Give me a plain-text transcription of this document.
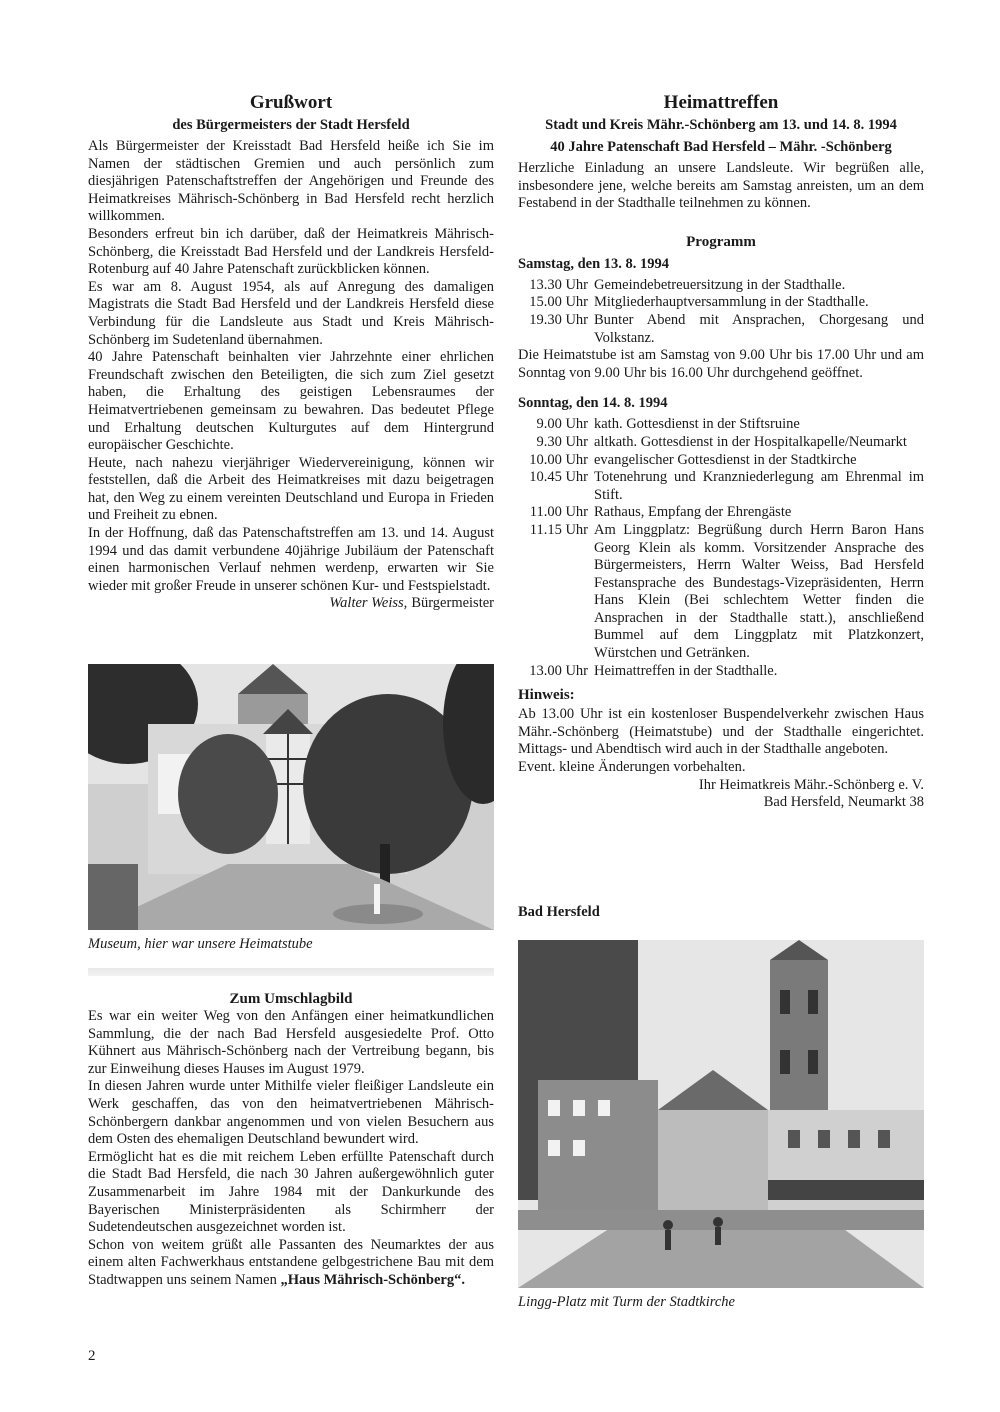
Grußwort
des Bürgermeisters der Stadt Hersfeld

Als Bürgermeister der Kreisstadt Bad Hersfeld heiße ich Sie im Namen der städtischen Gremien und auch persönlich zum diesjährigen Patenschaftstreffen der Angehörigen und Freunde des Heimatkreises Mährisch-Schönberg in Bad Hersfeld recht herzlich willkommen.

Besonders erfreut bin ich darüber, daß der Heimatkreis Mährisch-Schönberg, die Kreisstadt Bad Hersfeld und der Landkreis Hersfeld-Rotenburg auf 40 Jahre Patenschaft zurückblicken können.

Es war am 8. August 1954, als auf Anregung des damaligen Magistrats die Stadt Bad Hersfeld und der Landkreis Hersfeld diese Verbindung für die Landsleute aus Stadt und Kreis Mährisch-Schönberg im Sudetenland übernahmen.

40 Jahre Patenschaft beinhalten vier Jahrzehnte einer ehrlichen Freundschaft zwischen den Beteiligten, die sich zum Ziel gesetzt haben, die Erhaltung des geistigen Lebensraumes der Heimatvertriebenen gemeinsam zu bewahren. Das bedeutet Pflege und Erhaltung deutschen Kulturgutes auf dem Hintergrund europäischer Geschichte.

Heute, nach nahezu vierjähriger Wiedervereinigung, können wir feststellen, daß die Arbeit des Heimatkreises mit dazu beigetragen hat, den Weg zu einem vereinten Deutschland und Europa in Frieden und Freiheit zu ebnen.

In der Hoffnung, daß das Patenschaftstreffen am 13. und 14. August 1994 und das damit verbundene 40jährige Jubiläum der Patenschaft einen harmonischen Verlauf nehmen werdenp, erwarten wir Sie wieder mit großer Freude in unserer schönen Kur- und Festspielstadt.

Walter Weiss, Bürgermeister
Museum, hier war unsere Heimatstube
Zum Umschlagbild

Es war ein weiter Weg von den Anfängen einer heimatkundlichen Sammlung, die der nach Bad Hersfeld ausgesiedelte Prof. Otto Kühnert aus Mährisch-Schönberg nach der Vertreibung begann, bis zur Einweihung dieses Hauses im August 1979.

In diesen Jahren wurde unter Mithilfe vieler fleißiger Landsleute ein Werk geschaffen, das von den heimatvertriebenen Mährisch-Schönbergern dankbar angenommen und von vielen Besuchern aus dem Osten des ehemaligen Deutschland bewundert wird.

Ermöglicht hat es die mit reichem Leben erfüllte Patenschaft durch die Stadt Bad Hersfeld, die nach 30 Jahren außergewöhnlich guter Zusammenarbeit im Jahre 1984 mit der Dankurkunde des Bayerischen Ministerpräsidenten als Schirmherr der Sudetendeutschen ausgezeichnet worden ist.

Schon von weitem grüßt alle Passanten des Neumarktes der aus einem alten Fachwerkhaus entstandene gelbgestrichene Bau mit dem Stadtwappen uns seinem Namen „Haus Mährisch-Schönberg“.

2
Heimattreffen
Stadt und Kreis Mähr.-Schönberg am 13. und 14. 8. 1994
40 Jahre Patenschaft Bad Hersfeld – Mähr. -Schönberg

Herzliche Einladung an unsere Landsleute. Wir begrüßen alle, insbesondere jene, welche bereits am Samstag anreisten, um an dem Festabend in der Stadthalle teilnehmen zu können.

Programm

Samstag, den 13. 8. 1994

13.30 Uhr Gemeindebetreuersitzung in der Stadthalle.
15.00 Uhr Mitgliederhauptversammlung in der Stadthalle.
19.30 Uhr Bunter Abend mit Ansprachen, Chorgesang und Volkstanz.

Die Heimatstube ist am Samstag von 9.00 Uhr bis 17.00 Uhr und am Sonntag von 9.00 Uhr bis 16.00 Uhr durchgehend geöffnet.

Sonntag, den 14. 8. 1994

9.00 Uhr kath. Gottesdienst in der Stiftsruine
9.30 Uhr altkath. Gottesdienst in der Hospitalkapelle/Neumarkt
10.00 Uhr evangelischer Gottesdienst in der Stadtkirche
10.45 Uhr Totenehrung und Kranzniederlegung am Ehrenmal im Stift.
11.00 Uhr Rathaus, Empfang der Ehrengäste
11.15 Uhr Am Linggplatz: Begrüßung durch Herrn Baron Hans Georg Klein als komm. Vorsitzender Ansprache des Bürgermeisters, Herrn Walter Weiss, Bad Hersfeld Festansprache des Bundestags-Vizepräsidenten, Herrn Hans Klein (Bei schlechtem Wetter finden die Ansprachen in der Stadthalle statt.), anschließend Bummel auf dem Linggplatz mit Platzkonzert, Würstchen und Getränken.
13.00 Uhr Heimattreffen in der Stadthalle.

Hinweis:

Ab 13.00 Uhr ist ein kostenloser Buspendelverkehr zwischen Haus Mähr.-Schönberg (Heimatstube) und der Stadthalle eingerichtet. Mittags- und Abendtisch wird auch in der Stadthalle angeboten.

Event. kleine Änderungen vorbehalten.

Ihr Heimatkreis Mähr.-Schönberg e. V.
Bad Hersfeld, Neumarkt 38
Bad Hersfeld
Lingg-Platz mit Turm der Stadtkirche
